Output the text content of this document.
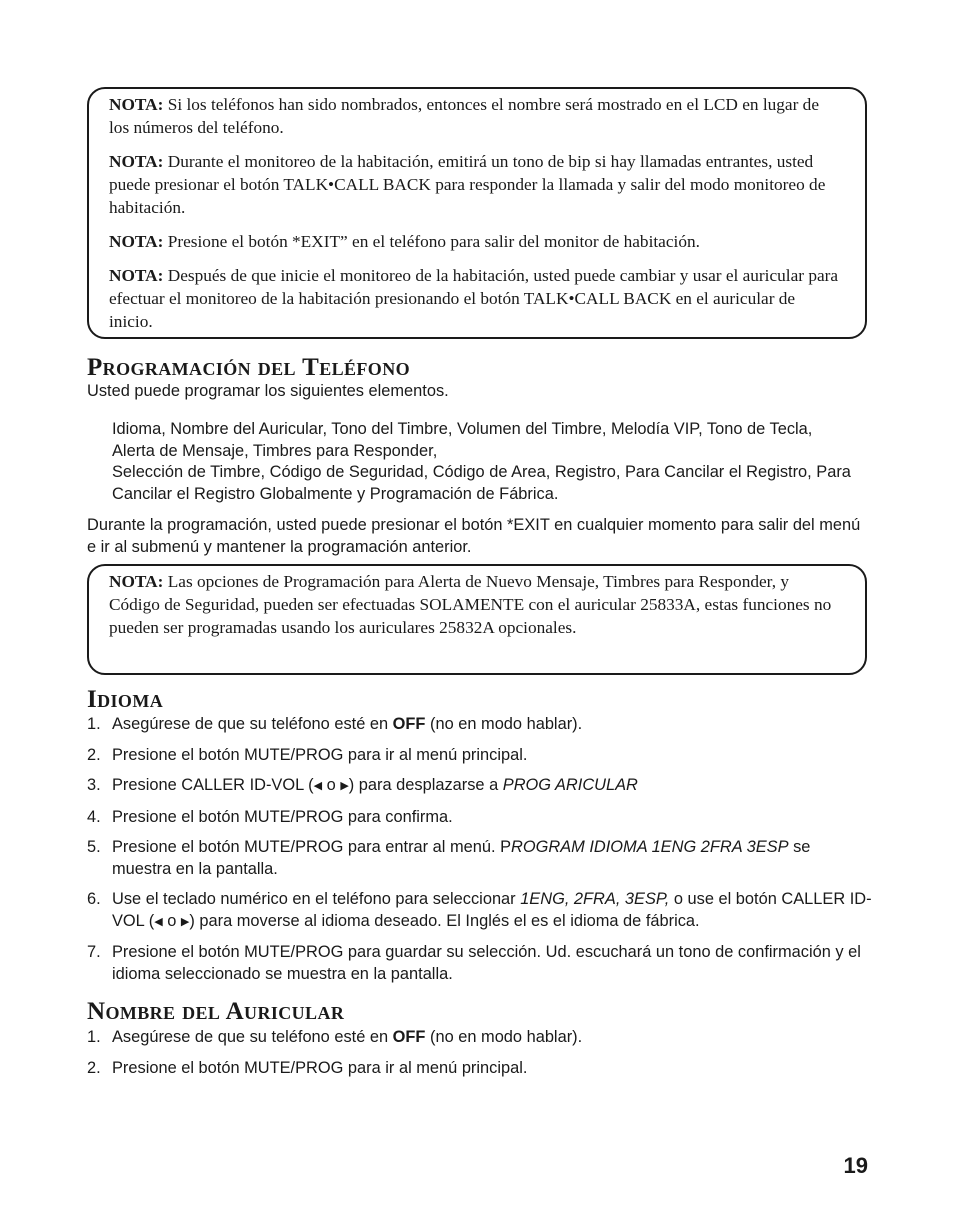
NOTA: Si los teléfonos han sido nombrados, entonces el nombre será mostrado en el LCD en lugar de los números del teléfono.

NOTA: Durante el monitoreo de la habitación, emitirá un tono de bip si hay llamadas entrantes, usted puede presionar el botón TALK•CALL BACK para responder la llamada y salir del modo monitoreo de habitación.

NOTA: Presione el botón *EXIT” en el teléfono para salir del monitor de habitación.

NOTA: Después de que inicie el monitoreo de la habitación, usted puede cambiar y usar el auricular para efectuar el monitoreo de la habitación presionando el botón TALK•CALL BACK en el auricular de inicio.

Programación del Teléfono

Usted puede programar los siguientes elementos.

Idioma, Nombre del Auricular, Tono del Timbre, Volumen del Timbre, Melodía VIP, Tono de Tecla, Alerta de Mensaje, Timbres para Responder,
Selección de Timbre, Código de Seguridad, Código de Area, Registro, Para Cancilar el Registro, Para Cancilar el Registro Globalmente y Programación de Fábrica.

Durante la programación, usted puede presionar el botón *EXIT en cualquier momento para salir del menú e ir al submenú y mantener la programación anterior.

NOTA: Las opciones de Programación para Alerta de Nuevo Mensaje, Timbres para Responder, y Código de Seguridad, pueden ser efectuadas SOLAMENTE con el auricular 25833A, estas funciones no pueden ser programadas usando los auriculares 25832A opcionales.

Idioma
1. Asegúrese de que su teléfono esté en OFF (no en modo hablar).
2. Presione el botón MUTE/PROG para ir al menú principal.
3. Presione CALLER ID-VOL (◀ o ▶) para desplazarse a PROG ARICULAR
4. Presione el botón MUTE/PROG para confirma.
5. Presione el botón MUTE/PROG para entrar al menú. PROGRAM IDIOMA 1ENG 2FRA 3ESP se muestra en la pantalla.
6. Use el teclado numérico en el teléfono para seleccionar 1ENG, 2FRA, 3ESP, o use el botón CALLER ID-VOL (◀ o ▶) para moverse al idioma deseado. El Inglés el es el idioma de fábrica.
7. Presione el botón MUTE/PROG para guardar su selección. Ud. escuchará un tono de confirmación y el idioma seleccionado se muestra en la pantalla.
Nombre del Auricular
1. Asegúrese de que su teléfono esté en OFF (no en modo hablar).
2. Presione el botón MUTE/PROG para ir al menú principal.
19
